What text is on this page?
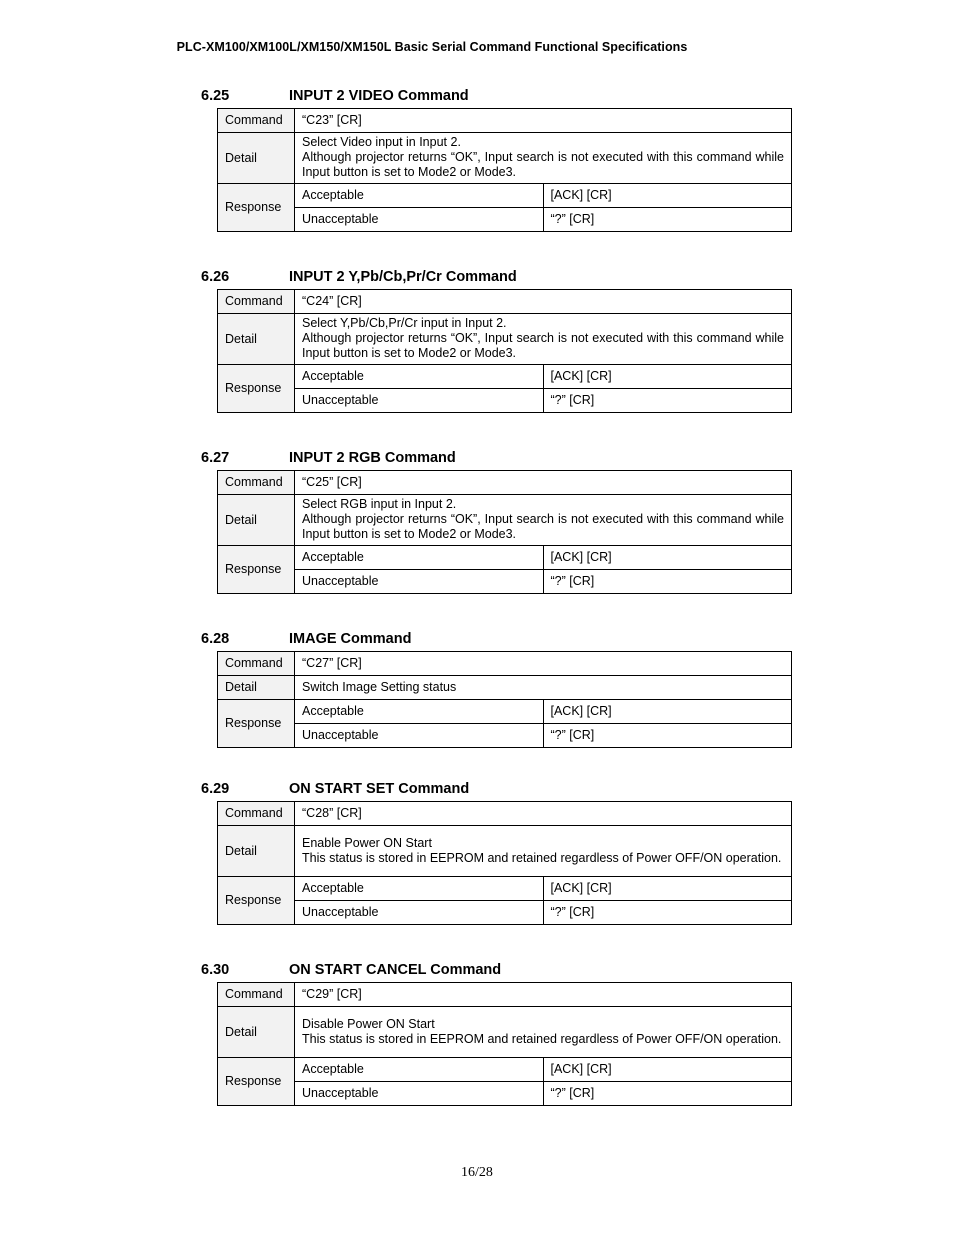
PLC-XM100/XM100L/XM150/XM150L Basic Serial Command Functional Specifications
6.25	INPUT 2 VIDEO Command
Command	“C23” [CR]	
Detail	Select Video input in Input 2.
Although projector returns “OK”, Input search is not executed with this command while Input button is set to Mode2 or Mode3.	

Response	Acceptable	[ACK] [CR]
	Unacceptable	“?” [CR]
6.26	INPUT 2 Y,Pb/Cb,Pr/Cr Command
Command	“C24” [CR]	
Detail	Select Y,Pb/Cb,Pr/Cr input in Input 2.
Although projector returns “OK”, Input search is not executed with this command while Input button is set to Mode2 or Mode3.	

Response	Acceptable	[ACK] [CR]
	Unacceptable	“?” [CR]
6.27	INPUT 2 RGB Command
Command	“C25” [CR]	
Detail	Select RGB input in Input 2.
Although projector returns “OK”, Input search is not executed with this command while Input button is set to Mode2 or Mode3.	

Response	Acceptable	[ACK] [CR]
	Unacceptable	“?” [CR]
6.28	IMAGE Command
Command	“C27” [CR]	
Detail	Switch Image Setting status	

Response	Acceptable	[ACK] [CR]
	Unacceptable	“?” [CR]
6.29	ON START SET Command
Command	“C28” [CR]	
Detail	Enable Power ON Start
This status is stored in EEPROM and retained regardless of Power OFF/ON operation.	

Response	Acceptable	[ACK] [CR]
	Unacceptable	“?” [CR]
6.30	ON START CANCEL Command
Command	“C29” [CR]	
Detail	Disable Power ON Start
This status is stored in EEPROM and retained regardless of Power OFF/ON operation.	

Response	Acceptable	[ACK] [CR]
	Unacceptable	“?” [CR]
16/28
